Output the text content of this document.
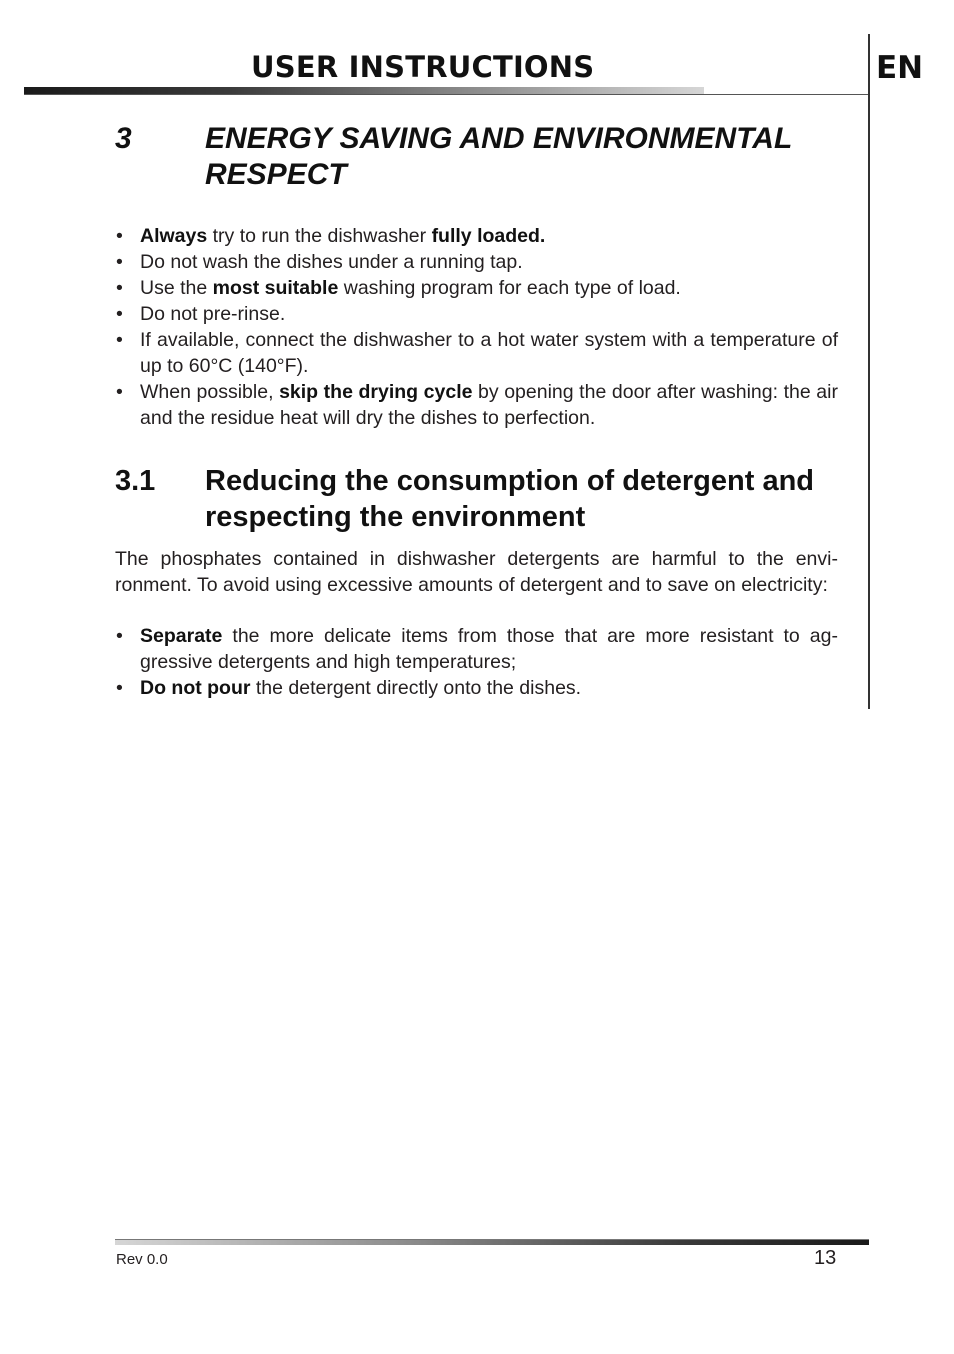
USER INSTRUCTIONS	EN
3 ENERGY SAVING AND ENVIRONMENTAL RESPECT
• Always try to run the dishwasher fully loaded.
• Do not wash the dishes under a running tap.
• Use the most suitable washing program for each type of load.
• Do not pre-rinse.
• If available, connect the dishwasher to a hot water system with a temperature of up to 60°C (140°F).
• When possible, skip the drying cycle by opening the door after washing: the air and the residue heat will dry the dishes to perfection.
3.1 Reducing the consumption of detergent and respecting the environment

The phosphates contained in dishwasher detergents are harmful to the environment. To avoid using excessive amounts of detergent and to save on electricity:

• Separate the more delicate items from those that are more resistant to aggressive detergents and high temperatures;
• Do not pour the detergent directly onto the dishes.
Rev 0.0	13
